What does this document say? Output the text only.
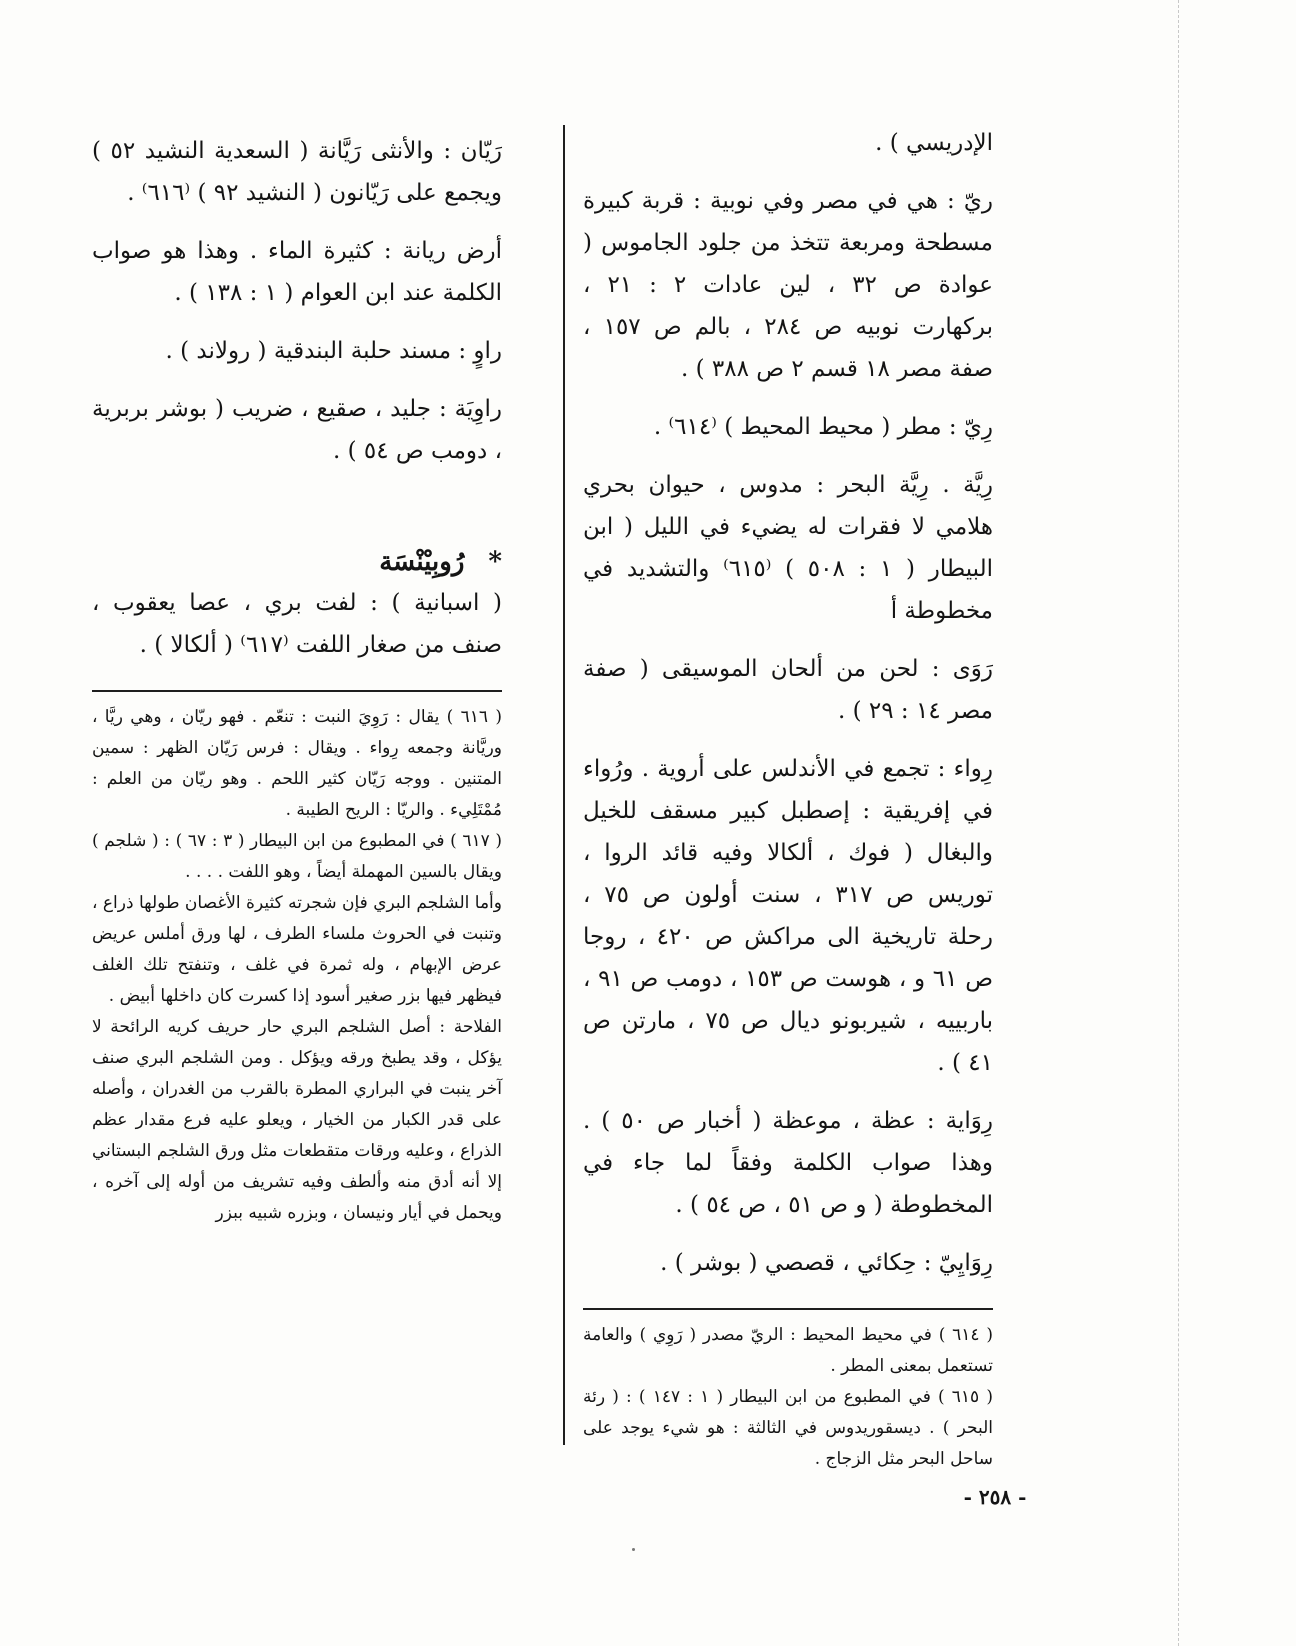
الإدريسي ) .

ريّ : هي في مصر وفي نوبية : قربة كبيرة مسطحة ومربعة تتخذ من جلود الجاموس ( عوادة ص ٣٢ ، لين عادات ٢ : ٢١ ، بركهارت نوبيه ص ٢٨٤ ، بالم ص ١٥٧ ، صفة مصر ١٨ قسم ٢ ص ٣٨٨ ) .

رِيّ : مطر ( محيط المحيط ) ⁽٦١٤⁾ .

رِيَّة . رِيَّة البحر : مدوس ، حيوان بحري هلامي لا فقرات له يضيء في الليل ( ابن البيطار ( ١ : ٥٠٨ ) ⁽٦١٥⁾ والتشديد في مخطوطة أ

رَوَى : لحن من ألحان الموسيقى ( صفة مصر ١٤ : ٢٩ ) .

رِواء : تجمع في الأندلس على أروية . ورُواء في إفريقية : إصطبل كبير مسقف للخيل والبغال ( فوك ، ألكالا وفيه قائد الروا ، توريس ص ٣١٧ ، سنت أولون ص ٧٥ ، رحلة تاريخية الى مراكش ص ٤٢٠ ، روجا ص ٦١ و ، هوست ص ١٥٣ ، دومب ص ٩١ ، باربييه ، شيربونو ديال ص ٧٥ ، مارتن ص ٤١ ) .

رِوَاية : عظة ، موعظة ( أخبار ص ٥٠ ) . وهذا صواب الكلمة وفقاً لما جاء في المخطوطة ( و ص ٥١ ، ص ٥٤ ) .

رِوَايِيّ : حِكائي ، قصصي ( بوشر ) .

( ٦١٤ ) في محيط المحيط : الريّ مصدر ( رَوِي ) والعامة تستعمل بمعنى المطر .

( ٦١٥ ) في المطبوع من ابن البيطار ( ١ : ١٤٧ ) : ( رئة البحر ) . ديسقوريدوس في الثالثة : هو شيء يوجد على ساحل البحر مثل الزجاج .

رَيّان : والأنثى رَيَّانة ( السعدية النشيد ٥٢ ) ويجمع على رَيّانون ( النشيد ٩٢ ) ⁽٦١٦⁾ .

أرض ريانة : كثيرة الماء . وهذا هو صواب الكلمة عند ابن العوام ( ١ : ١٣٨ ) .

راوٍ : مسند حلبة البندقية ( رولاند ) .

راوِيَة : جليد ، صقيع ، ضريب ( بوشر بربرية ، دومب ص ٥٤ ) .

*رُوبِيْنْسَة

( اسبانية ) : لفت بري ، عصا يعقوب ، صنف من صغار اللفت ⁽٦١٧⁾ ( ألكالا ) .

( ٦١٦ ) يقال : رَوِيَ النبت : تنعّم . فهو ريّان ، وهي ريَّا ، وريَّانة وجمعه رِواء . ويقال : فرس رَيّان الظهر : سمين المتنين . ووجه رَيّان كثير اللحم . وهو ريّان من العلم : مُمْتَلِيء . والريّا : الريح الطيبة .

( ٦١٧ ) في المطبوع من ابن البيطار ( ٣ : ٦٧ ) : ( شلجم ) ويقال بالسين المهملة أيضاً ، وهو اللفت . . . .

وأما الشلجم البري فإن شجرته كثيرة الأغصان طولها ذراع ، وتنبت في الحروث ملساء الطرف ، لها ورق أملس عريض عرض الإبهام ، وله ثمرة في غلف ، وتنفتح تلك الغلف فيظهر فيها بزر صغير أسود إذا كسرت كان داخلها أبيض .

الفلاحة : أصل الشلجم البري حار حريف كريه الرائحة لا يؤكل ، وقد يطبخ ورقه ويؤكل . ومن الشلجم البري صنف آخر ينبت في البراري المطرة بالقرب من الغدران ، وأصله على قدر الكبار من الخيار ، ويعلو عليه فرع مقدار عظم الذراع ، وعليه ورقات متقطعات مثل ورق الشلجم البستاني إلا أنه أدق منه وألطف وفيه تشريف من أوله إلى آخره ، ويحمل في أيار ونيسان ، وبزره شبيه ببزر

- ٢٥٨ -
